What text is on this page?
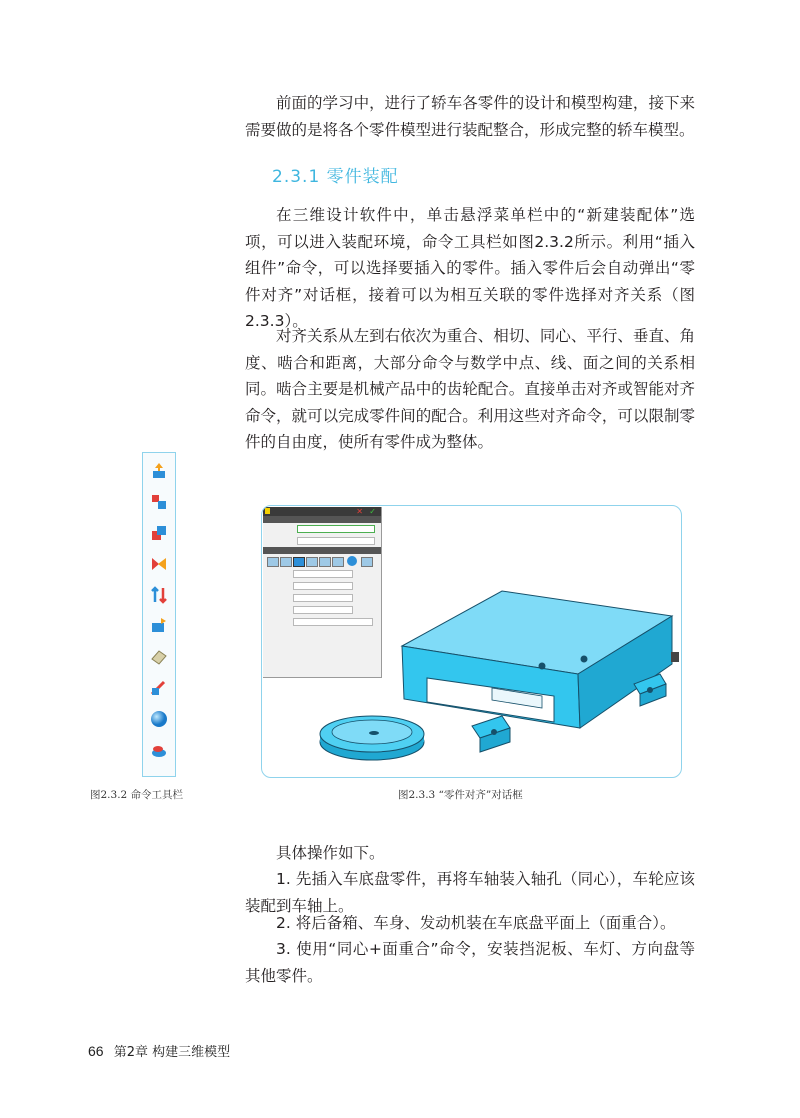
前面的学习中，进行了轿车各零件的设计和模型构建，接下来需要做的是将各个零件模型进行装配整合，形成完整的轿车模型。

2.3.1 零件装配

在三维设计软件中，单击悬浮菜单栏中的“新建装配体”选项，可以进入装配环境，命令工具栏如图2.3.2所示。利用“插入组件”命令，可以选择要插入的零件。插入零件后会自动弹出“零件对齐”对话框，接着可以为相互关联的零件选择对齐关系（图2.3.3）。

对齐关系从左到右依次为重合、相切、同心、平行、垂直、角度、啮合和距离，大部分命令与数学中点、线、面之间的关系相同。啮合主要是机械产品中的齿轮配合。直接单击对齐或智能对齐命令，就可以完成零件间的配合。利用这些对齐命令，可以限制零件的自由度，使所有零件成为整体。

✕ ✓
图2.3.2 命令工具栏	图2.3.3 “零件对齐”对话框

具体操作如下。

1. 先插入车底盘零件，再将车轴装入轴孔（同心），车轮应该装配到车轴上。

2. 将后备箱、车身、发动机装在车底盘平面上（面重合）。

3. 使用“同心+面重合”命令，安装挡泥板、车灯、方向盘等其他零件。

66 第2章 构建三维模型
